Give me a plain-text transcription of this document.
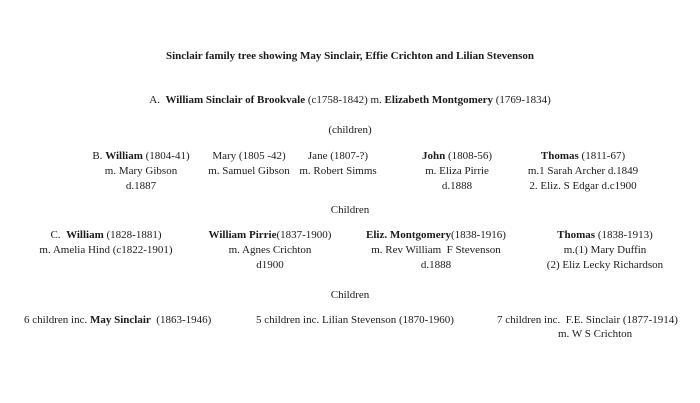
Sinclair family tree showing May Sinclair, Effie Crichton and Lilian Stevenson
A.  William Sinclair of Brookvale (c1758-1842) m. Elizabeth Montgomery (1769-1834)
(children)
B. William (1804-41)
m. Mary Gibson
d.1887
Mary (1805 -42)
m. Samuel Gibson
Jane (1807-?)
m. Robert Simms
John (1808-56)
m. Eliza Pirrie
d.1888
Thomas (1811-67)
m.1 Sarah Archer d.1849
2. Eliz. S Edgar d.c1900
Children
C.  William (1828-1881)
m. Amelia Hind (c1822-1901)
William Pirrie(1837-1900)
m. Agnes Crichton
d1900
Eliz. Montgomery(1838-1916)
m. Rev William  F Stevenson
d.1888
Thomas (1838-1913)
m.(1) Mary Duffin
(2) Eliz Lecky Richardson
Children
6 children inc. May Sinclair  (1863-1946)	5 children inc. Lilian Stevenson (1870-1960)	7 children inc.  F.E. Sinclair (1877-1914)
m. W S Crichton
